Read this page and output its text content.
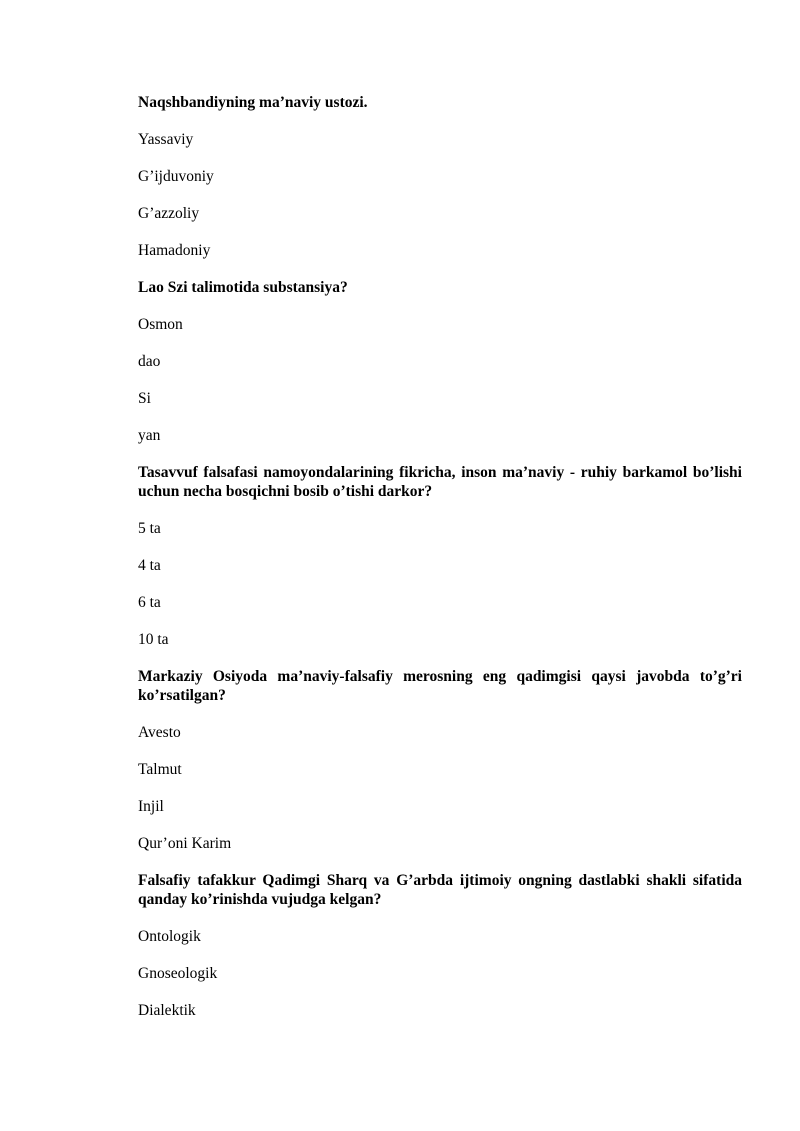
Naqshbandiyning ma’naviy ustozi.

Yassaviy

G’ijduvoniy

G’azzoliy

Hamadoniy

Lao Szi talimotida substansiya?

Osmon

dao

Si

yan

Tasavvuf falsafasi namoyondalarining fikricha, inson ma’naviy - ruhiy barkamol bo’lishi uchun necha bosqichni bosib o’tishi darkor?

5 ta

4 ta

6 ta

10 ta

Markaziy Osiyoda ma’naviy-falsafiy merosning eng qadimgisi qaysi javobda to’g’ri ko’rsatilgan?

Avesto

Talmut

Injil

Qur’oni Karim

Falsafiy tafakkur Qadimgi Sharq va G’arbda ijtimoiy ongning dastlabki shakli sifatida qanday ko’rinishda vujudga kelgan?

Ontologik

Gnoseologik

Dialektik
